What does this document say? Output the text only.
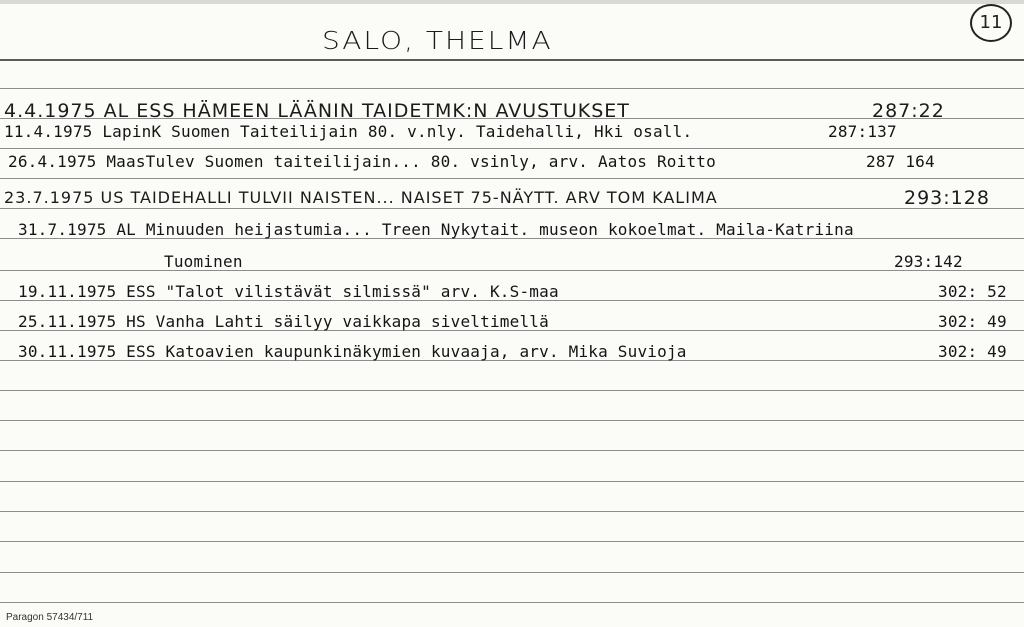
SALO, THELMA
11
4.4.1975 AL ESS HÄMEEN LÄÄNIN TAIDETMK:N AVUSTUKSET	287:22
11.4.1975 LapinK Suomen Taiteilijain 80. v.nly. Taidehalli, Hki osall.	287:137
26.4.1975 MaasTulev Suomen taiteilijain... 80. vsinly, arv. Aatos Roitto	287 164
23.7.1975 US TAIDEHALLI TULVII NAISTEN... NAISET 75-NÄYTT. ARV TOM KALIMA	293:128
31.7.1975 AL Minuuden heijastumia... Treen Nykytait. museon kokoelmat. Maila-Katriina
Tuominen	293:142
19.11.1975 ESS "Talot vilistävät silmissä" arv. K.S-maa	302: 52
25.11.1975 HS Vanha Lahti säilyy vaikkapa siveltimellä	302: 49
30.11.1975 ESS Katoavien kaupunkinäkymien kuvaaja, arv. Mika Suvioja	302: 49
Paragon 57434/711
